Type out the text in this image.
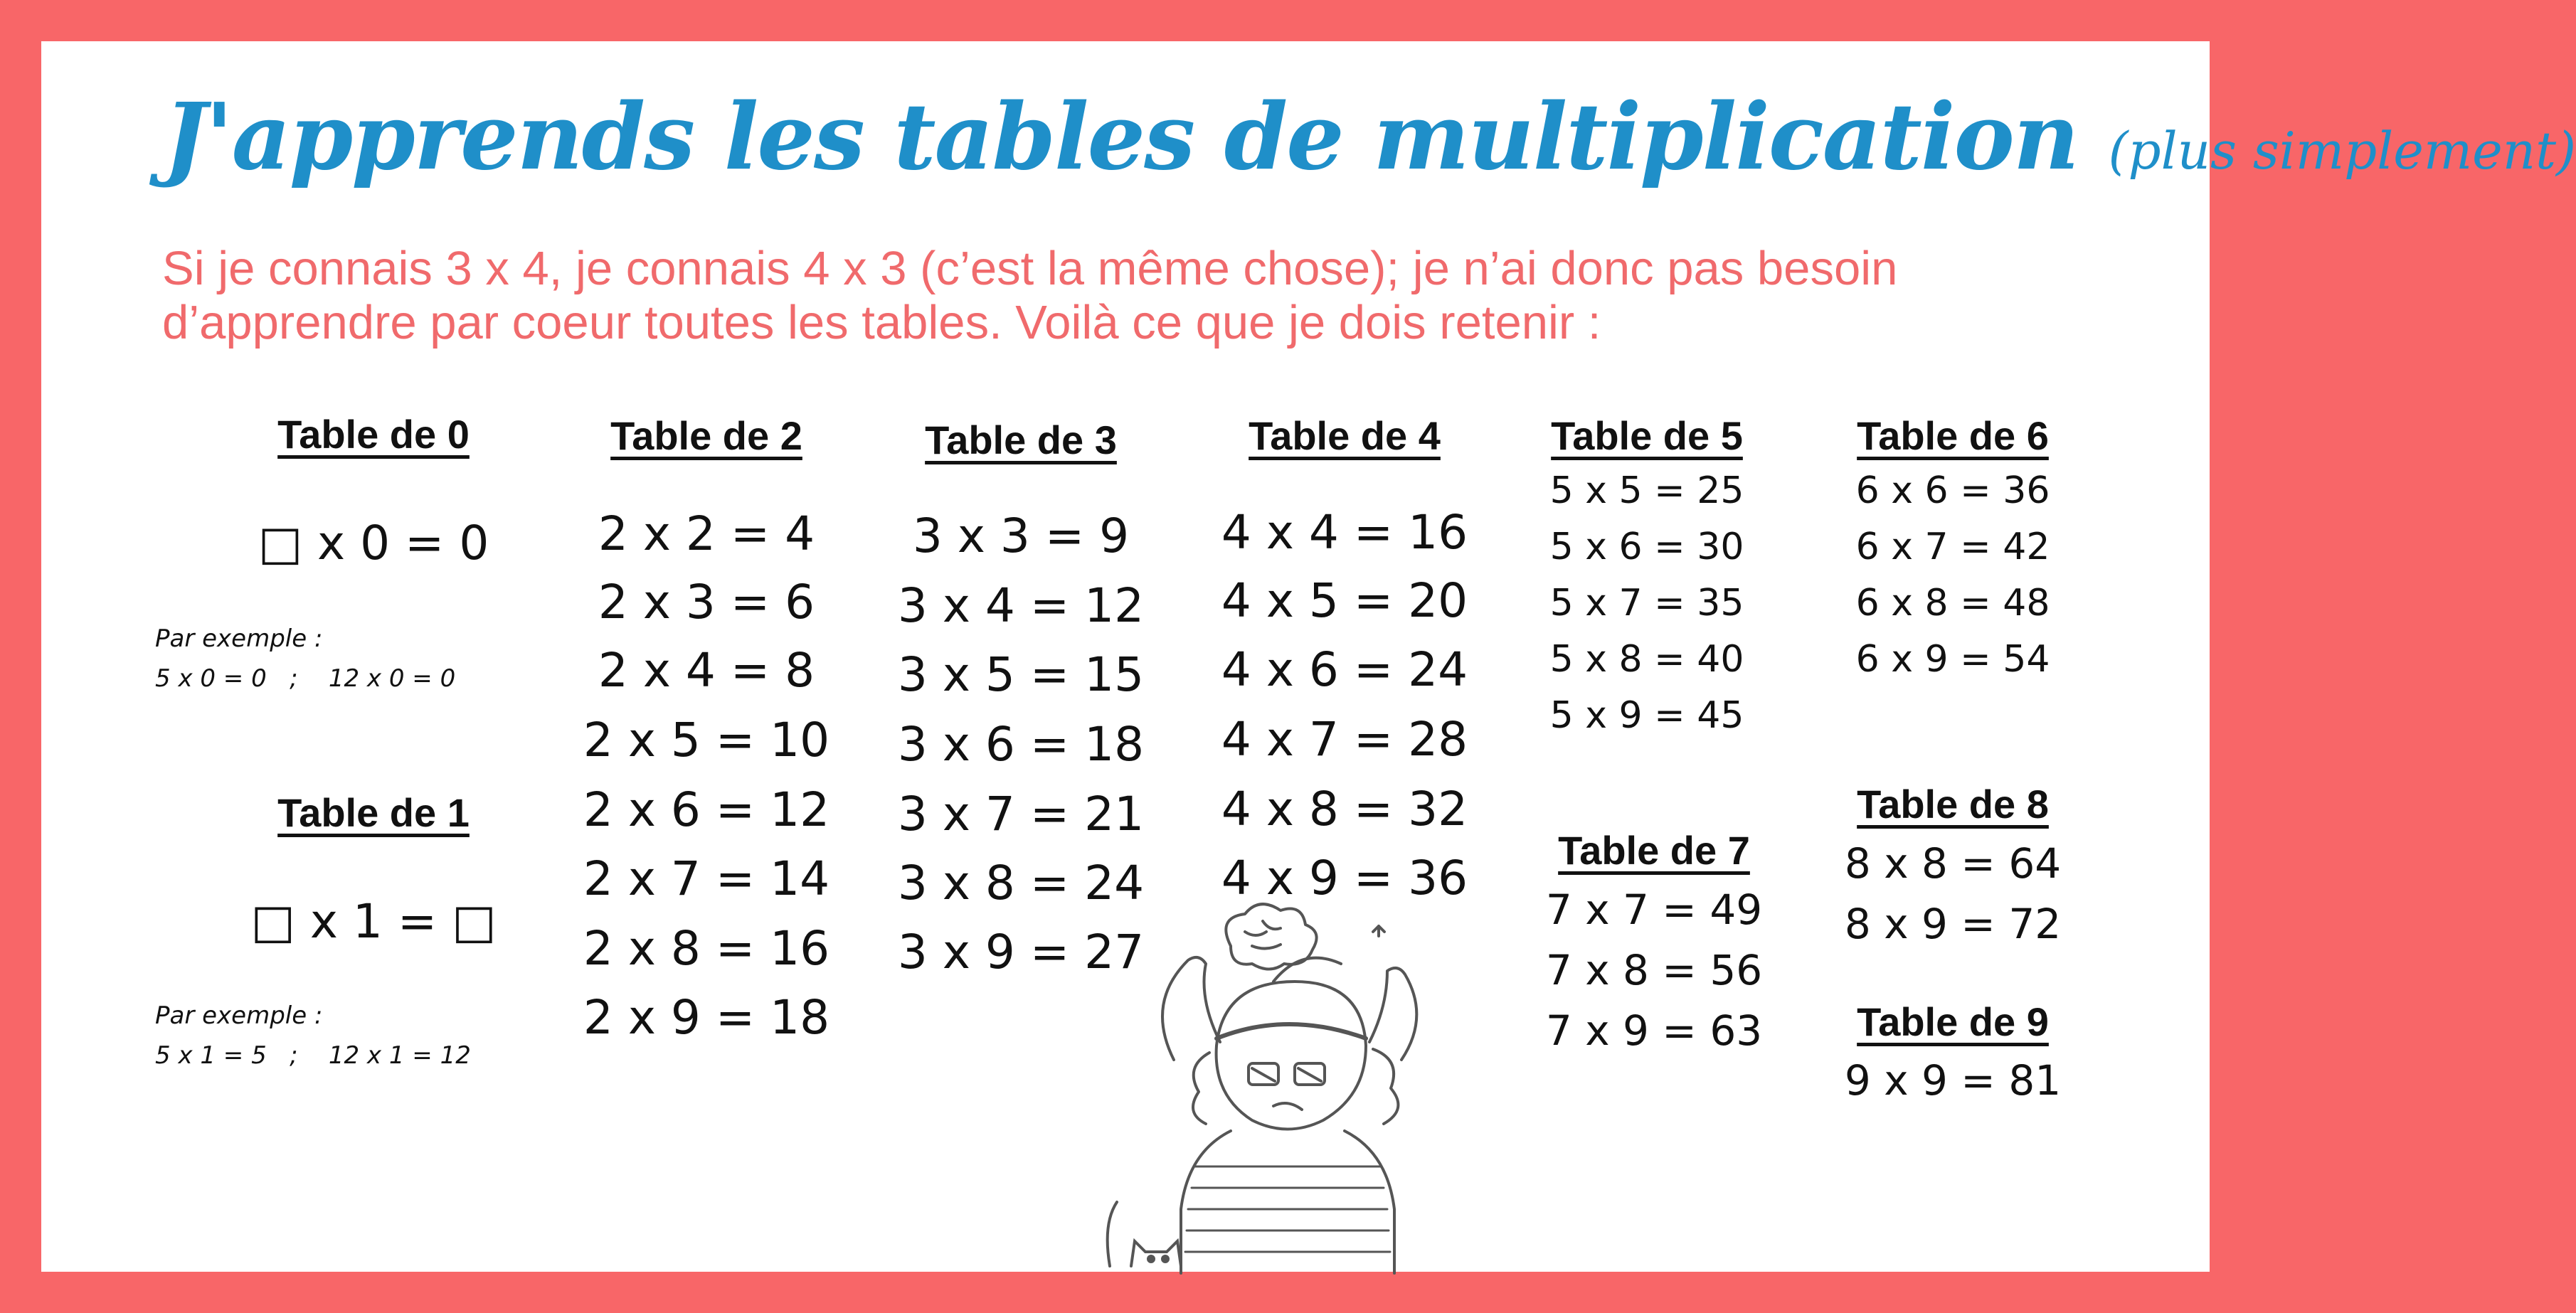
J'apprends les tables de multiplication (plus simplement)
Si je connais 3 x 4, je connais 4 x 3 (c’est la même chose); je n’ai donc pas besoin d’apprendre par coeur toutes les tables. Voilà ce que je dois retenir :
Table de 0
□ x 0 = 0
Par exemple :
5 x 0 = 0   ;    12 x 0 = 0
Table de 1
□ x 1 = □
Par exemple :
5 x 1 = 5   ;    12 x 1 = 12
Table de 2
2 x 2 = 4
2 x 3 = 6
2 x 4 = 8
2 x 5 = 10
2 x 6 = 12
2 x 7 = 14
2 x 8 = 16
2 x 9 = 18
Table de 3
3 x 3 = 9
3 x 4 = 12
3 x 5 = 15
3 x 6 = 18
3 x 7 = 21
3 x 8 = 24
3 x 9 = 27
Table de 4
4 x 4 = 16
4 x 5 = 20
4 x 6 = 24
4 x 7 = 28
4 x 8 = 32
4 x 9 = 36
Table de 5
5 x 5 = 25
5 x 6 = 30
5 x 7 = 35
5 x 8 = 40
5 x 9 = 45
Table de 6
6 x 6 = 36
6 x 7 = 42
6 x 8 = 48
6 x 9 = 54
Table de 7
7 x 7 = 49
7 x 8 = 56
7 x 9 = 63
Table de 8
8 x 8 = 64
8 x 9 = 72
Table de 9
9 x 9 = 81
